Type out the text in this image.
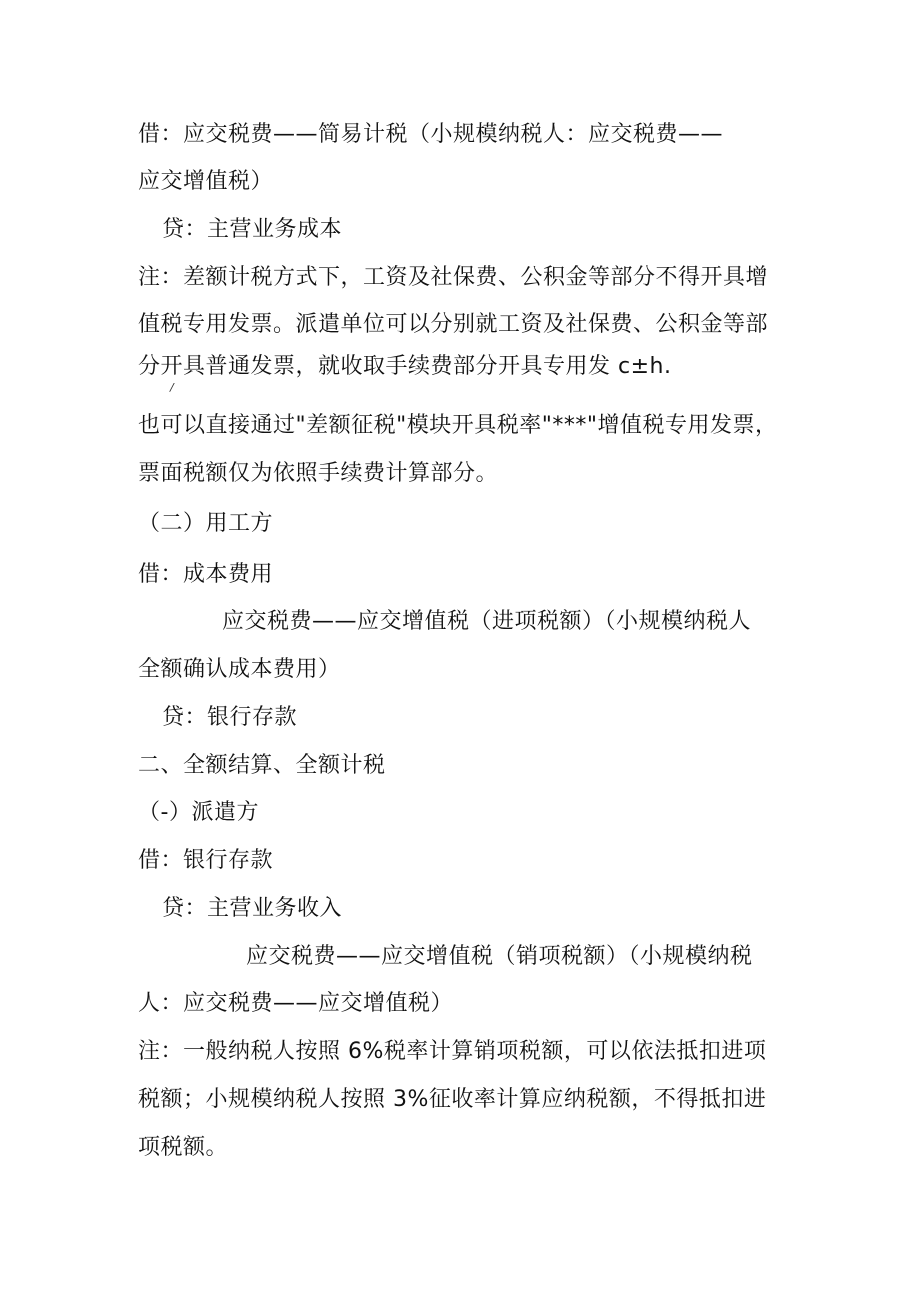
借：应交税费——简易计税（小规模纳税人：应交税费——
应交增值税）
贷：主营业务成本
注：差额计税方式下，工资及社保费、公积金等部分不得开具增
值税专用发票。派遣单位可以分别就工资及社保费、公积金等部
分开具普通发票，就收取手续费部分开具专用发 c±h.
/
也可以直接通过"差额征税"模块开具税率"***"增值税专用发票，
票面税额仅为依照手续费计算部分。
（二）用工方
借：成本费用
应交税费——应交增值税（进项税额）（小规模纳税人
全额确认成本费用）
贷：银行存款
二、全额结算、全额计税
（-）派遣方
借：银行存款
贷：主营业务收入
应交税费——应交增值税（销项税额）（小规模纳税
人：应交税费——应交增值税）
注：一般纳税人按照 6%税率计算销项税额，可以依法抵扣进项
税额；小规模纳税人按照 3%征收率计算应纳税额，不得抵扣进
项税额。
